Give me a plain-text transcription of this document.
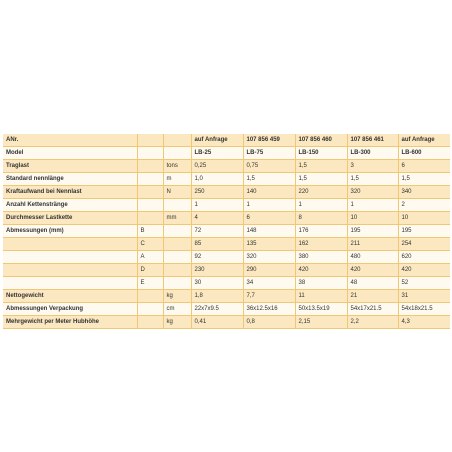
ANr.			auf Anfrage	107 856 459	107 856 460	107 856 461	auf Anfrage
Model			LB-25	LB-75	LB-150	LB-300	LB-600
Traglast		tons	0,25	0,75	1,5	3	6
Standard nennlänge		m	1,0	1,5	1,5	1,5	1,5
Kraftaufwand bei Nennlast		N	250	140	220	320	340
Anzahl Kettenstränge			1	1	1	1	2
Durchmesser Lastkette		mm	4	6	8	10	10
Abmessungen (mm)	B		72	148	176	195	195
	C		85	135	162	211	254
	A		92	320	380	480	620
	D		230	290	420	420	420
	E		30	34	38	48	52
Nettogewicht		kg	1,8	7,7	11	21	31
Abmessungen Verpackung		cm	22x7x9.5	36x12.5x16	50x13.5x19	54x17x21.5	54x18x21.5
Mehrgewicht per Meter Hubhöhe		kg	0,41	0,8	2,15	2,2	4,3
